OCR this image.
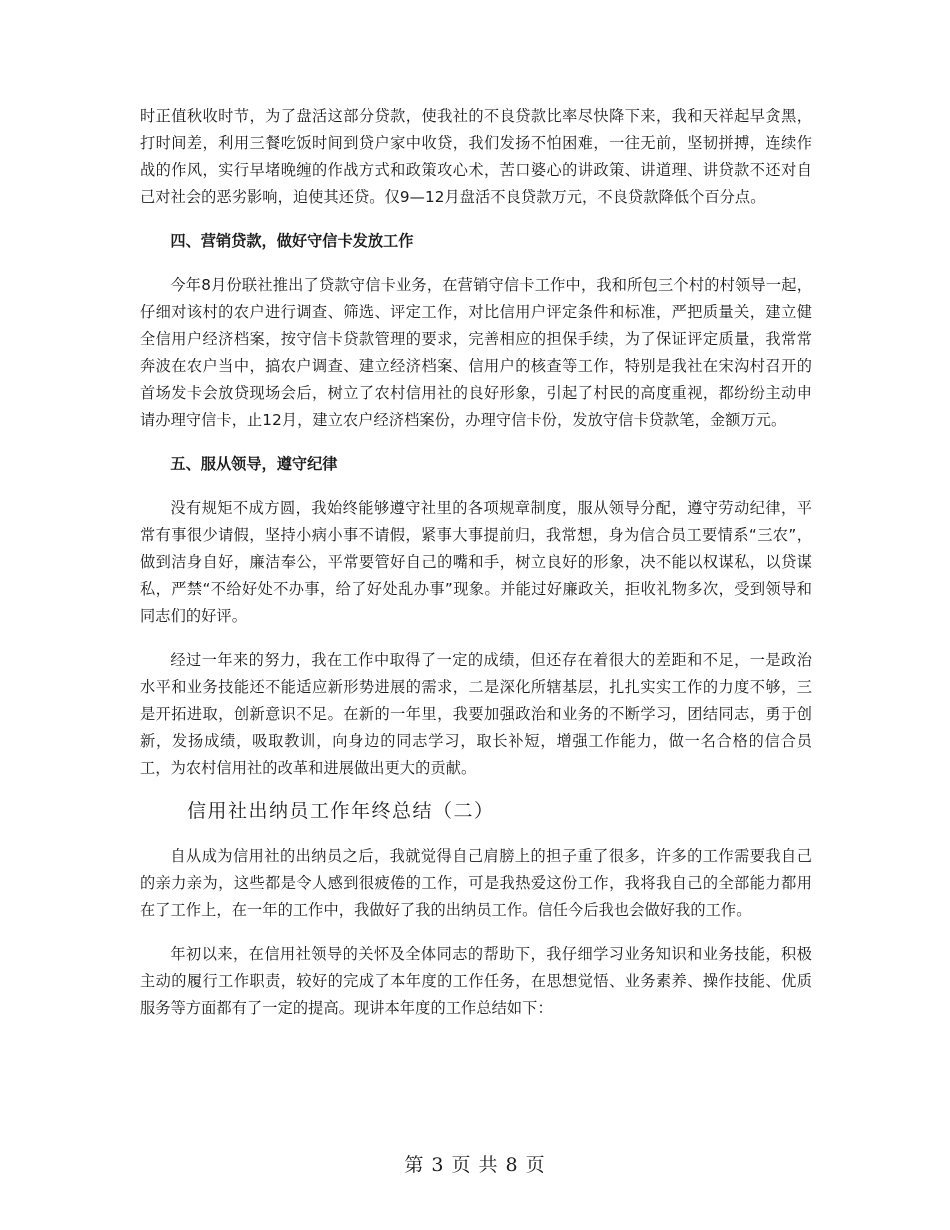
时正值秋收时节，为了盘活这部分贷款，使我社的不良贷款比率尽快降下来，我和天祥起早贪黑，打时间差，利用三餐吃饭时间到贷户家中收贷，我们发扬不怕困难，一往无前，坚韧拼搏，连续作战的作风，实行早堵晚缠的作战方式和政策攻心术，苦口婆心的讲政策、讲道理、讲贷款不还对自己对社会的恶劣影响，迫使其还贷。仅9—12月盘活不良贷款万元，不良贷款降低个百分点。

四、营销贷款，做好守信卡发放工作

今年8月份联社推出了贷款守信卡业务，在营销守信卡工作中，我和所包三个村的村领导一起，仔细对该村的农户进行调查、筛选、评定工作，对比信用户评定条件和标准，严把质量关，建立健全信用户经济档案，按守信卡贷款管理的要求，完善相应的担保手续，为了保证评定质量，我常常奔波在农户当中，搞农户调查、建立经济档案、信用户的核查等工作，特别是我社在宋沟村召开的首场发卡会放贷现场会后，树立了农村信用社的良好形象，引起了村民的高度重视，都纷纷主动申请办理守信卡，止12月，建立农户经济档案份，办理守信卡份，发放守信卡贷款笔，金额万元。

五、服从领导，遵守纪律

没有规矩不成方圆，我始终能够遵守社里的各项规章制度，服从领导分配，遵守劳动纪律，平常有事很少请假，坚持小病小事不请假，紧事大事提前归，我常想，身为信合员工要情系“三农”，做到洁身自好，廉洁奉公，平常要管好自己的嘴和手，树立良好的形象，决不能以权谋私，以贷谋私，严禁“不给好处不办事，给了好处乱办事”现象。并能过好廉政关，拒收礼物多次，受到领导和同志们的好评。

经过一年来的努力，我在工作中取得了一定的成绩，但还存在着很大的差距和不足，一是政治水平和业务技能还不能适应新形势进展的需求，二是深化所辖基层，扎扎实实工作的力度不够，三是开拓进取，创新意识不足。在新的一年里，我要加强政治和业务的不断学习，团结同志，勇于创新，发扬成绩，吸取教训，向身边的同志学习，取长补短，增强工作能力，做一名合格的信合员工，为农村信用社的改革和进展做出更大的贡献。

信用社出纳员工作年终总结（二）

自从成为信用社的出纳员之后，我就觉得自己肩膀上的担子重了很多，许多的工作需要我自己的亲力亲为，这些都是令人感到很疲倦的工作，可是我热爱这份工作，我将我自己的全部能力都用在了工作上，在一年的工作中，我做好了我的出纳员工作。信任今后我也会做好我的工作。

年初以来，在信用社领导的关怀及全体同志的帮助下，我仔细学习业务知识和业务技能，积极主动的履行工作职责，较好的完成了本年度的工作任务，在思想觉悟、业务素养、操作技能、优质服务等方面都有了一定的提高。现讲本年度的工作总结如下：

第 3 页 共 8 页
